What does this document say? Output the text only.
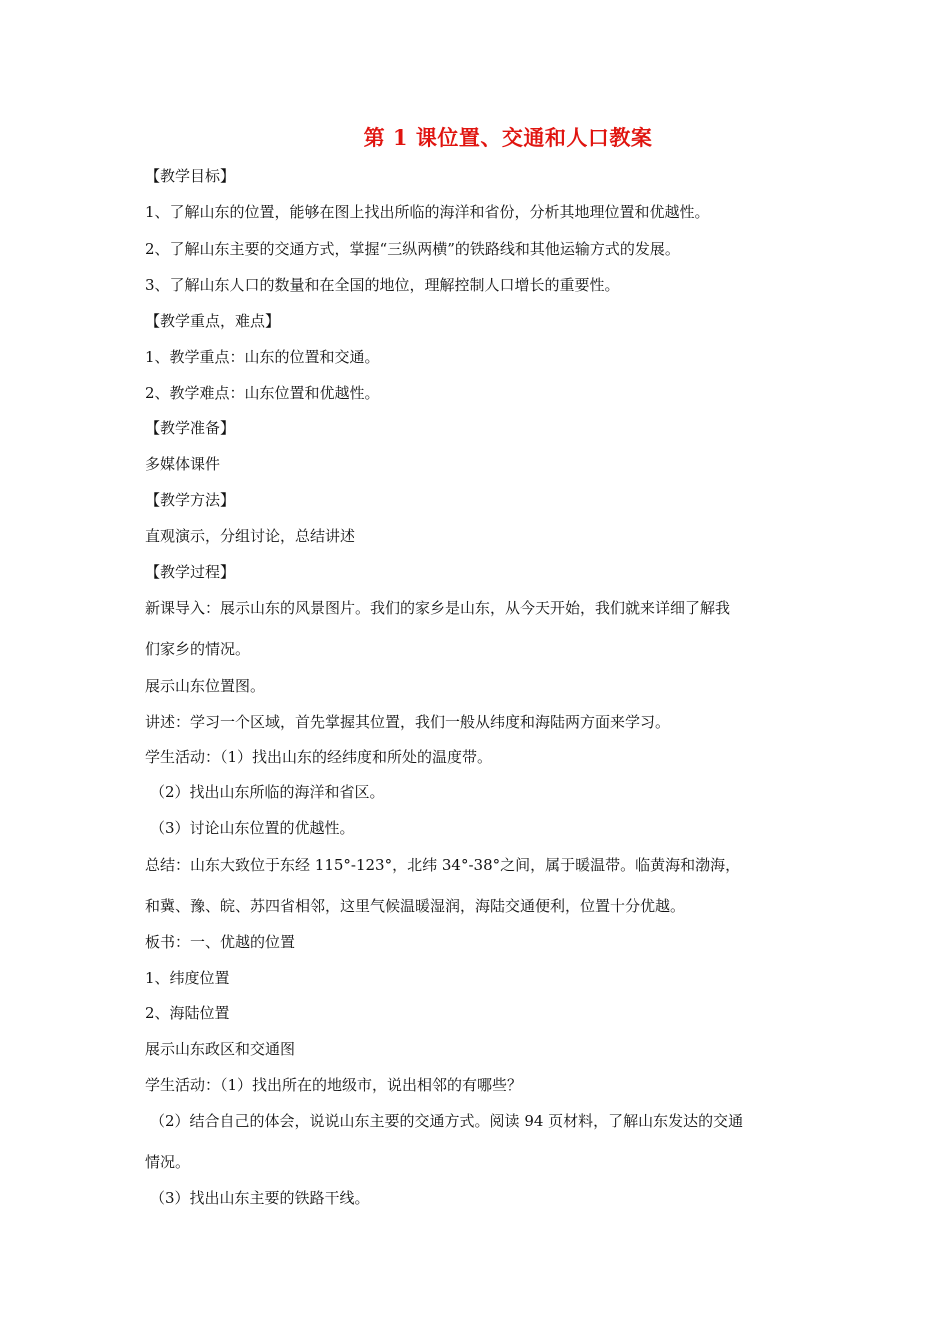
第 1 课位置、交通和人口教案
【教学目标】
1、了解山东的位置，能够在图上找出所临的海洋和省份，分析其地理位置和优越性。
2、了解山东主要的交通方式，掌握“三纵两横”的铁路线和其他运输方式的发展。
3、了解山东人口的数量和在全国的地位，理解控制人口增长的重要性。
【教学重点，难点】
1、教学重点：山东的位置和交通。
2、教学难点：山东位置和优越性。
【教学准备】
多媒体课件
【教学方法】
直观演示，分组讨论，总结讲述
【教学过程】
新课导入：展示山东的风景图片。我们的家乡是山东，从今天开始，我们就来详细了解我
们家乡的情况。
展示山东位置图。
讲述：学习一个区域，首先掌握其位置，我们一般从纬度和海陆两方面来学习。
学生活动：（1）找出山东的经纬度和所处的温度带。
（2）找出山东所临的海洋和省区。
（3）讨论山东位置的优越性。
总结：山东大致位于东经 115°-123°，北纬 34°-38°之间，属于暖温带。临黄海和渤海，
和冀、豫、皖、苏四省相邻，这里气候温暖湿润，海陆交通便利，位置十分优越。
板书：一、优越的位置
1、纬度位置
2、海陆位置
展示山东政区和交通图
学生活动：（1）找出所在的地级市，说出相邻的有哪些？
（2）结合自己的体会，说说山东主要的交通方式。阅读 94 页材料，了解山东发达的交通
情况。
（3）找出山东主要的铁路干线。
